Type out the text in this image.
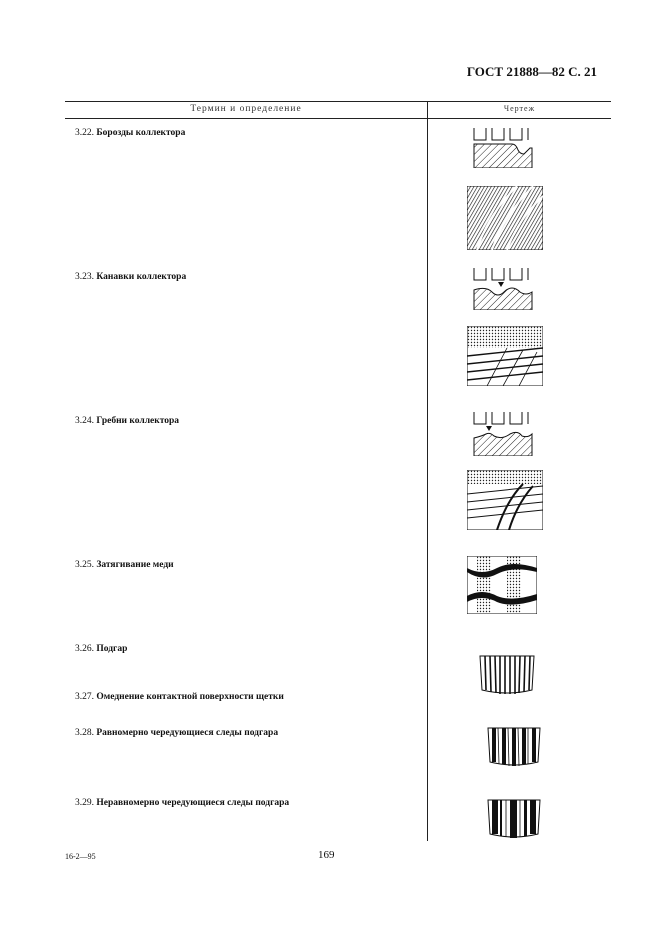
ГОСТ 21888—82 С. 21
Термин и определение	Чертеж
3.22. Борозды коллектора
3.23. Канавки коллектора
3.24. Гребни коллектора
3.25. Затягивание меди
3.26. Подгар
3.27. Омеднение контактной поверхности щетки
3.28. Равномерно чередующиеся следы подгара
3.29. Неравномерно чередующиеся следы подгара
16-2—95	169
